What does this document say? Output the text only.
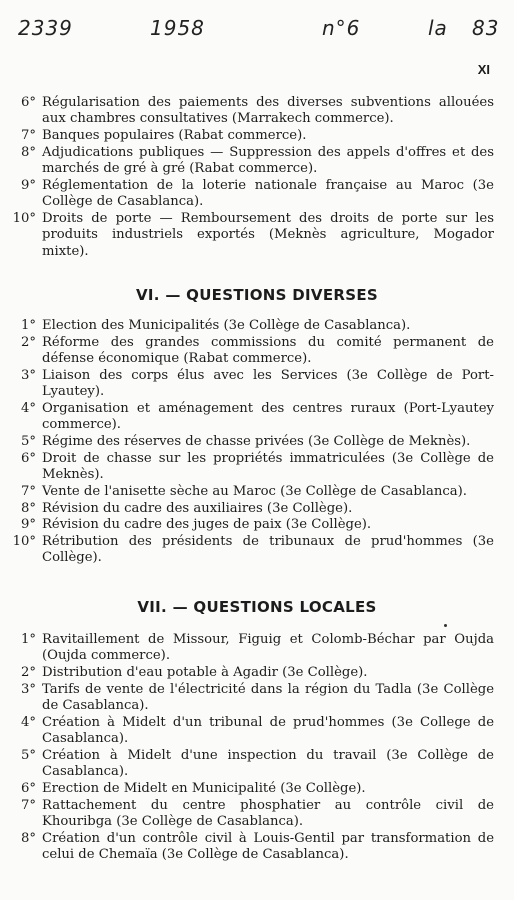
2339	1958	n°6	la 83
XI
6° Régularisation des paiements des diverses subventions allouées aux chambres consultatives (Marrakech commerce).
7° Banques populaires (Rabat commerce).
8° Adjudications publiques — Suppression des appels d'offres et des marchés de gré à gré (Rabat commerce).
9° Réglementation de la loterie nationale française au Maroc (3e Collège de Casablanca).
10° Droits de porte — Remboursement des droits de porte sur les produits industriels exportés (Meknès agriculture, Mogador mixte).
VI. — QUESTIONS DIVERSES
1° Election des Municipalités (3e Collège de Casablanca).
2° Réforme des grandes commissions du comité permanent de défense économique (Rabat commerce).
3° Liaison des corps élus avec les Services (3e Collège de Port-Lyautey).
4° Organisation et aménagement des centres ruraux (Port-Lyautey commerce).
5° Régime des réserves de chasse privées (3e Collège de Meknès).
6° Droit de chasse sur les propriétés immatriculées (3e Collège de Meknès).
7° Vente de l'anisette sèche au Maroc (3e Collège de Casablanca).
8° Révision du cadre des auxiliaires (3e Collège).
9° Révision du cadre des juges de paix (3e Collège).
10° Rétribution des présidents de tribunaux de prud'hommes (3e Collège).
VII. — QUESTIONS LOCALES
1° Ravitaillement de Missour, Figuig et Colomb-Béchar par Oujda (Oujda commerce).
2° Distribution d'eau potable à Agadir (3e Collège).
3° Tarifs de vente de l'électricité dans la région du Tadla (3e Collège de Casablanca).
4° Création à Midelt d'un tribunal de prud'hommes (3e College de Casablanca).
5° Création à Midelt d'une inspection du travail (3e Collège de Casablanca).
6° Erection de Midelt en Municipalité (3e Collège).
7° Rattachement du centre phosphatier au contrôle civil de Khouribga (3e Collège de Casablanca).
8° Création d'un contrôle civil à Louis-Gentil par transformation de celui de Chemaïa (3e Collège de Casablanca).
